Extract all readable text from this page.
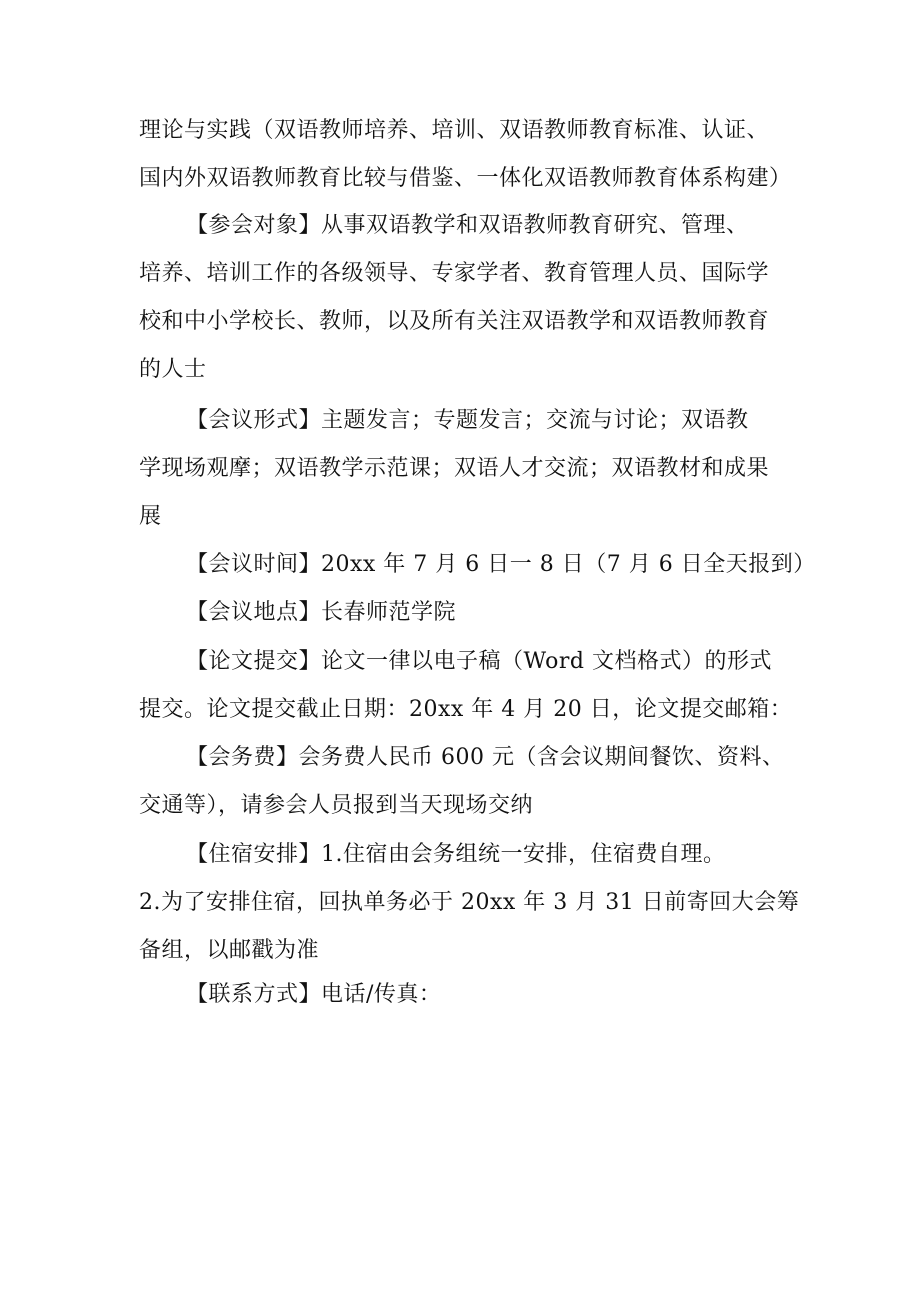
理论与实践（双语教师培养、培训、双语教师教育标准、认证、
国内外双语教师教育比较与借鉴、一体化双语教师教育体系构建）
【参会对象】从事双语教学和双语教师教育研究、管理、
培养、培训工作的各级领导、专家学者、教育管理人员、国际学
校和中小学校长、教师，以及所有关注双语教学和双语教师教育
的人士
【会议形式】主题发言；专题发言；交流与讨论；双语教
学现场观摩；双语教学示范课；双语人才交流；双语教材和成果
展
【会议时间】20xx 年 7 月 6 日一 8 日（7 月 6 日全天报到）
【会议地点】长春师范学院
【论文提交】论文一律以电子稿（Word 文档格式）的形式
提交。论文提交截止日期：20xx 年 4 月 20 日，论文提交邮箱：
【会务费】会务费人民币 600 元（含会议期间餐饮、资料、
交通等），请参会人员报到当天现场交纳
【住宿安排】1.住宿由会务组统一安排，住宿费自理。
2.为了安排住宿，回执单务必于 20xx 年 3 月 31 日前寄回大会筹
备组，以邮戳为准
【联系方式】电话/传真：
